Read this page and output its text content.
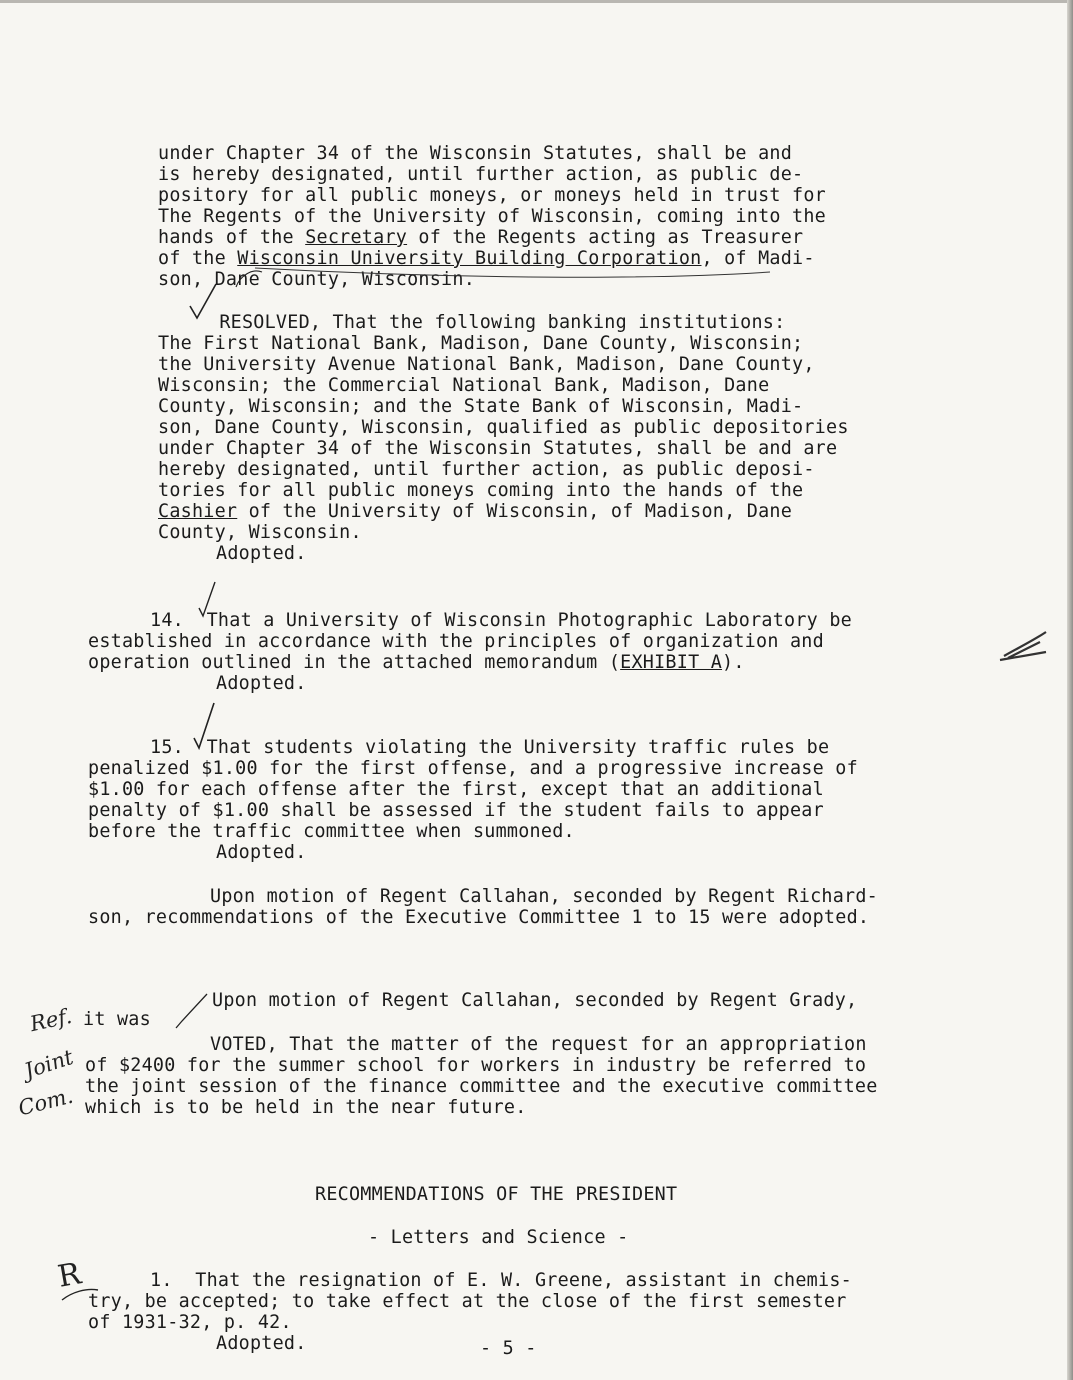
under Chapter 34 of the Wisconsin Statutes, shall be and
is hereby designated, until further action, as public de-
pository for all public moneys, or moneys held in trust for
The Regents of the University of Wisconsin, coming into the
hands of the Secretary of the Regents acting as Treasurer
of the Wisconsin University Building Corporation, of Madi-
son, Dane County, Wisconsin.
RESOLVED, That the following banking institutions:
The First National Bank, Madison, Dane County, Wisconsin;
the University Avenue National Bank, Madison, Dane County,
Wisconsin; the Commercial National Bank, Madison, Dane
County, Wisconsin; and the State Bank of Wisconsin, Madi-
son, Dane County, Wisconsin, qualified as public depositories
under Chapter 34 of the Wisconsin Statutes, shall be and are
hereby designated, until further action, as public deposi-
tories for all public moneys coming into the hands of the
Cashier of the University of Wisconsin, of Madison, Dane
County, Wisconsin.
Adopted.
14.  That a University of Wisconsin Photographic Laboratory be
established in accordance with the principles of organization and
operation outlined in the attached memorandum (EXHIBIT A).
Adopted.
15.  That students violating the University traffic rules be
penalized $1.00 for the first offense, and a progressive increase of
$1.00 for each offense after the first, except that an additional
penalty of $1.00 shall be assessed if the student fails to appear
before the traffic committee when summoned.
Adopted.
Upon motion of Regent Callahan, seconded by Regent Richard-
son, recommendations of the Executive Committee 1 to 15 were adopted.
Upon motion of Regent Callahan, seconded by Regent Grady,
it was
VOTED, That the matter of the request for an appropriation
of $2400 for the summer school for workers in industry be referred to
the joint session of the finance committee and the executive committee
which is to be held in the near future.
Ref.
Joint
Com.
RECOMMENDATIONS OF THE PRESIDENT
- Letters and Science -
R	1.  That the resignation of E. W. Greene, assistant in chemis-
try, be accepted; to take effect at the close of the first semester
of 1931-32, p. 42.
Adopted.	- 5 -
